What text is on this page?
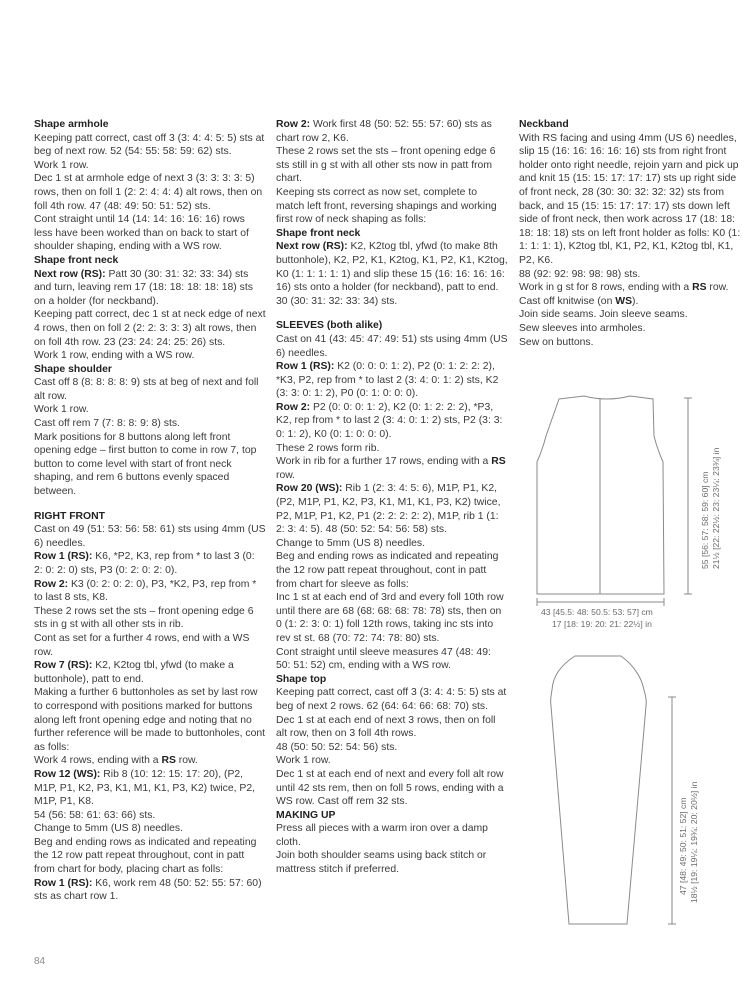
Shape armhole
Keeping patt correct, cast off 3 (3: 4: 4: 5: 5) sts at beg of next row. 52 (54: 55: 58: 59: 62) sts.
Work 1 row.
Dec 1 st at armhole edge of next 3 (3: 3: 3: 3: 5) rows, then on foll 1 (2: 2: 4: 4: 4) alt rows, then on foll 4th row. 47 (48: 49: 50: 51: 52) sts.
Cont straight until 14 (14: 14: 16: 16: 16) rows less have been worked than on back to start of shoulder shaping, ending with a WS row.
Shape front neck
Next row (RS): Patt 30 (30: 31: 32: 33: 34) sts and turn, leaving rem 17 (18: 18: 18: 18: 18) sts on a holder (for neckband).
Keeping patt correct, dec 1 st at neck edge of next 4 rows, then on foll 2 (2: 2: 3: 3: 3) alt rows, then on foll 4th row. 23 (23: 24: 24: 25: 26) sts.
Work 1 row, ending with a WS row.
Shape shoulder
Cast off 8 (8: 8: 8: 8: 9) sts at beg of next and foll alt row.
Work 1 row.
Cast off rem 7 (7: 8: 8: 9: 8) sts.
Mark positions for 8 buttons along left front opening edge – first button to come in row 7, top button to come level with start of front neck shaping, and rem 6 buttons evenly spaced between.
RIGHT FRONT
Cast on 49 (51: 53: 56: 58: 61) sts using 4mm (US 6) needles.
Row 1 (RS): K6, *P2, K3, rep from * to last 3 (0: 2: 0: 2: 0) sts, P3 (0: 2: 0: 2: 0).
Row 2: K3 (0: 2: 0: 2: 0), P3, *K2, P3, rep from * to last 8 sts, K8.
These 2 rows set the sts – front opening edge 6 sts in g st with all other sts in rib.
Cont as set for a further 4 rows, end with a WS row.
Row 7 (RS): K2, K2tog tbl, yfwd (to make a buttonhole), patt to end.
Making a further 6 buttonholes as set by last row to correspond with positions marked for buttons along left front opening edge and noting that no further reference will be made to buttonholes, cont as folls:
Work 4 rows, ending with a RS row.
Row 12 (WS): Rib 8 (10: 12: 15: 17: 20), (P2, M1P, P1, K2, P3, K1, M1, K1, P3, K2) twice, P2, M1P, P1, K8.
54 (56: 58: 61: 63: 66) sts.
Change to 5mm (US 8) needles.
Beg and ending rows as indicated and repeating the 12 row patt repeat throughout, cont in patt from chart for body, placing chart as folls:
Row 1 (RS): K6, work rem 48 (50: 52: 55: 57: 60) sts as chart row 1.
Row 2: Work first 48 (50: 52: 55: 57: 60) sts as chart row 2, K6.
These 2 rows set the sts – front opening edge 6 sts still in g st with all other sts now in patt from chart.
Keeping sts correct as now set, complete to match left front, reversing shapings and working first row of neck shaping as folls:
Shape front neck
Next row (RS): K2, K2tog tbl, yfwd (to make 8th buttonhole), K2, P2, K1, K2tog, K1, P2, K1, K2tog, K0 (1: 1: 1: 1: 1) and slip these 15 (16: 16: 16: 16: 16) sts onto a holder (for neckband), patt to end.
30 (30: 31: 32: 33: 34) sts.
SLEEVES (both alike)
Cast on 41 (43: 45: 47: 49: 51) sts using 4mm (US 6) needles.
Row 1 (RS): K2 (0: 0: 0: 1: 2), P2 (0: 1: 2: 2: 2), *K3, P2, rep from * to last 2 (3: 4: 0: 1: 2) sts, K2 (3: 3: 0: 1: 2), P0 (0: 1: 0: 0: 0).
Row 2: P2 (0: 0: 0: 1: 2), K2 (0: 1: 2: 2: 2), *P3, K2, rep from * to last 2 (3: 4: 0: 1: 2) sts, P2 (3: 3: 0: 1: 2), K0 (0: 1: 0: 0: 0).
These 2 rows form rib.
Work in rib for a further 17 rows, ending with a RS row.
Row 20 (WS): Rib 1 (2: 3: 4: 5: 6), M1P, P1, K2, (P2, M1P, P1, K2, P3, K1, M1, K1, P3, K2) twice, P2, M1P, P1, K2, P1 (2: 2: 2: 2: 2), M1P, rib 1 (1: 2: 3: 4: 5). 48 (50: 52: 54: 56: 58) sts.
Change to 5mm (US 8) needles.
Beg and ending rows as indicated and repeating the 12 row patt repeat throughout, cont in patt from chart for sleeve as folls:
Inc 1 st at each end of 3rd and every foll 10th row until there are 68 (68: 68: 68: 78: 78) sts, then on 0 (1: 2: 3: 0: 1) foll 12th rows, taking inc sts into rev st st. 68 (70: 72: 74: 78: 80) sts.
Cont straight until sleeve measures 47 (48: 49: 50: 51: 52) cm, ending with a WS row.
Shape top
Keeping patt correct, cast off 3 (3: 4: 4: 5: 5) sts at beg of next 2 rows. 62 (64: 64: 66: 68: 70) sts.
Dec 1 st at each end of next 3 rows, then on foll alt row, then on 3 foll 4th rows.
48 (50: 50: 52: 54: 56) sts.
Work 1 row.
Dec 1 st at each end of next and every foll alt row until 42 sts rem, then on foll 5 rows, ending with a WS row. Cast off rem 32 sts.
MAKING UP
Press all pieces with a warm iron over a damp cloth.
Join both shoulder seams using back stitch or mattress stitch if preferred.
Neckband
With RS facing and using 4mm (US 6) needles, slip 15 (16: 16: 16: 16: 16) sts from right front holder onto right needle, rejoin yarn and pick up and knit 15 (15: 15: 17: 17: 17) sts up right side of front neck, 28 (30: 30: 32: 32: 32) sts from back, and 15 (15: 15: 17: 17: 17) sts down left side of front neck, then work across 17 (18: 18: 18: 18: 18) sts on left front holder as folls: K0 (1: 1: 1: 1: 1), K2tog tbl, K1, P2, K1, K2tog tbl, K1, P2, K6.
88 (92: 92: 98: 98: 98) sts.
Work in g st for 8 rows, ending with a RS row.
Cast off knitwise (on WS).
Join side seams. Join sleeve seams.
Sew sleeves into armholes.
Sew on buttons.
55 [56: 57: 58: 59: 60] cm 21½ [22: 22½: 23: 23¼: 23¾] in
43 [45.5: 48: 50.5: 53: 57] cm
17 [18: 19: 20: 21: 22½] in
47 [48: 49: 50: 51: 52] cm 18½ [19: 19¼: 19¾: 20: 20½] in
84
